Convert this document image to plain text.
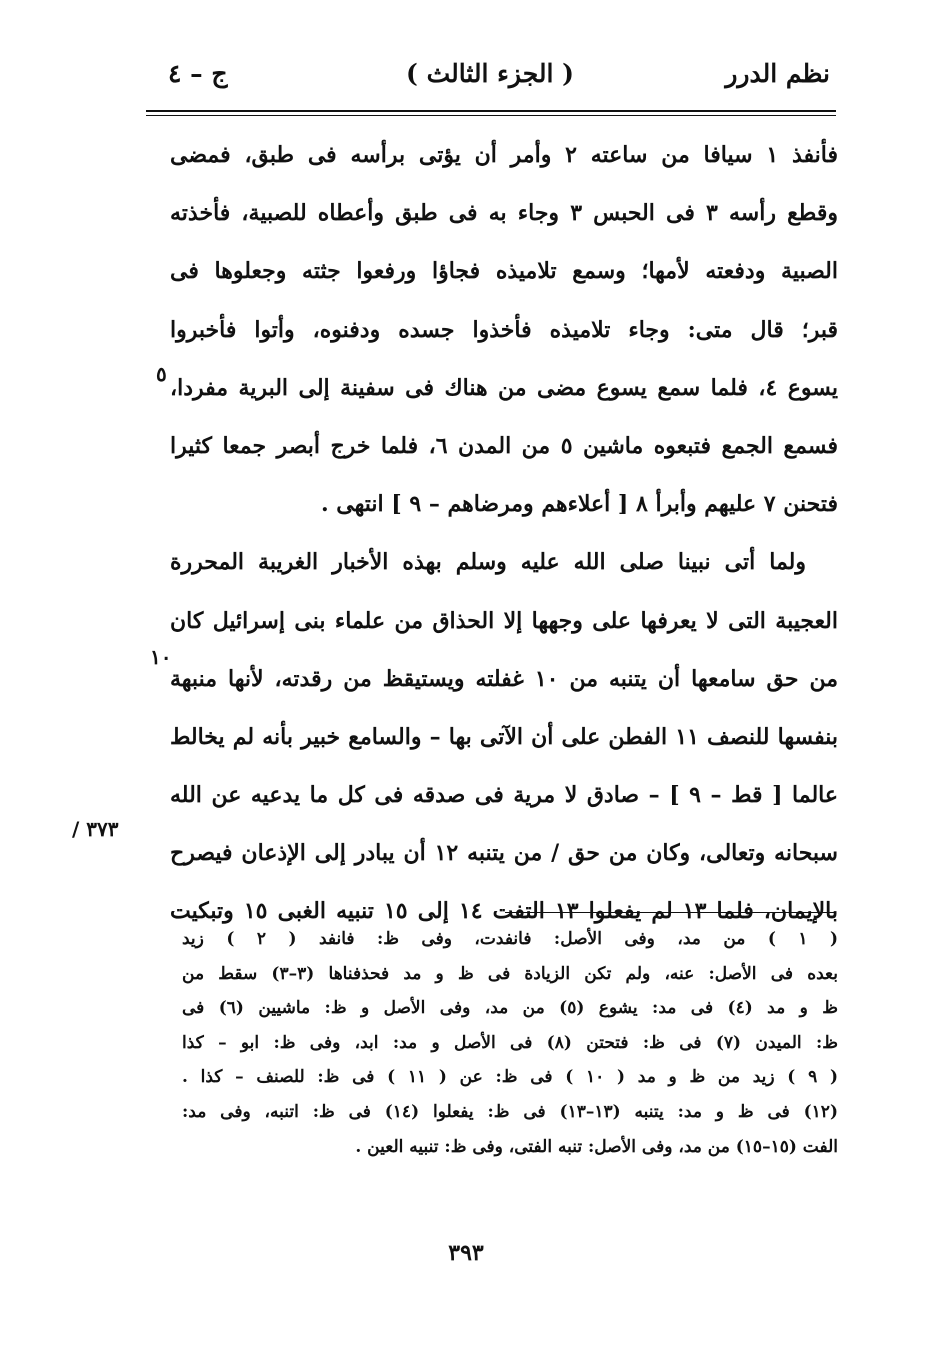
نظم الدرر
( الجزء الثالث )
ج – ٤
فأنفذ ١ سيافا من ساعته ٢ وأمر أن يؤتى برأسه فى طبق، فمضى
وقطع رأسه ٣ فى الحبس ٣ وجاء به فى طبق وأعطاه للصبية، فأخذته
الصبية ودفعته لأمها؛ وسمع تلاميذه فجاؤا ورفعوا جثته وجعلوها فى
قبر؛ قال متى: وجاء تلاميذه فأخذوا جسده ودفنوه، وأتوا فأخبروا
يسوع ٤، فلما سمع يسوع مضى من هناك فى سفينة إلى البرية مفردا،
فسمع الجمع فتبعوه ماشين ٥ من المدن ٦، فلما خرج أبصر جمعا كثيرا
فتحنن ٧ عليهم وأبرأ ٨ [ أعلاءهم ومرضاهم – ٩ ] انتهى .
ولما أتى نبينا صلى الله عليه وسلم بهذه الأخبار الغريبة المحررة
العجيبة التى لا يعرفها على وجهها إلا الحذاق من علماء بنى إسرائيل كان
من حق سامعها أن يتنبه من ١٠ غفلته ويستيقظ من رقدته، لأنها منبهة
بنفسها للنصف ١١ الفطن على أن الآتى بها – والسامع خبير بأنه لم يخالط
عالما [ قط – ٩ ] – صادق لا مرية فى صدقه فى كل ما يدعيه عن الله
سبحانه وتعالى، وكان من حق / من يتنبه ١٢ أن يبادر إلى الإذعان فيصرح
بالإيمان، فلما ١٣ لم يفعلوا ١٣ التفت ١٤ إلى ١٥ تنبيه الغبى ١٥ وتبكيت
٥
١٠
٣٧٣ /
( ١ ) من مد، وفى الأصل: فانفدت، وفى ظ: فانفد ( ٢ ) زيد
بعده فى الأصل: عنه، ولم تكن الزيادة فى ظ و مد فحذفناها (٣–٣) سقط من
ظ و مد (٤) فى مد: يشوع (٥) من مد، وفى الأصل و ظ: ماشيين (٦) فى
ظ: الميدن (٧) فى ظ: فتحتن (٨) فى الأصل و مد: ابد، وفى ظ: ابو – كذا
( ٩ ) زيد من ظ و مد ( ١٠ ) فى ظ: عن ( ١١ ) فى ظ: للصنف – كذا .
(١٢) فى ظ و مد: يتنبه (١٣–١٣) فى ظ: يفعلوا (١٤) فى ظ: اتنبه، وفى مد:
الفت (١٥–١٥) من مد، وفى الأصل: تنبه الفتى، وفى ظ: تنبيه العين .
٣٩٣
